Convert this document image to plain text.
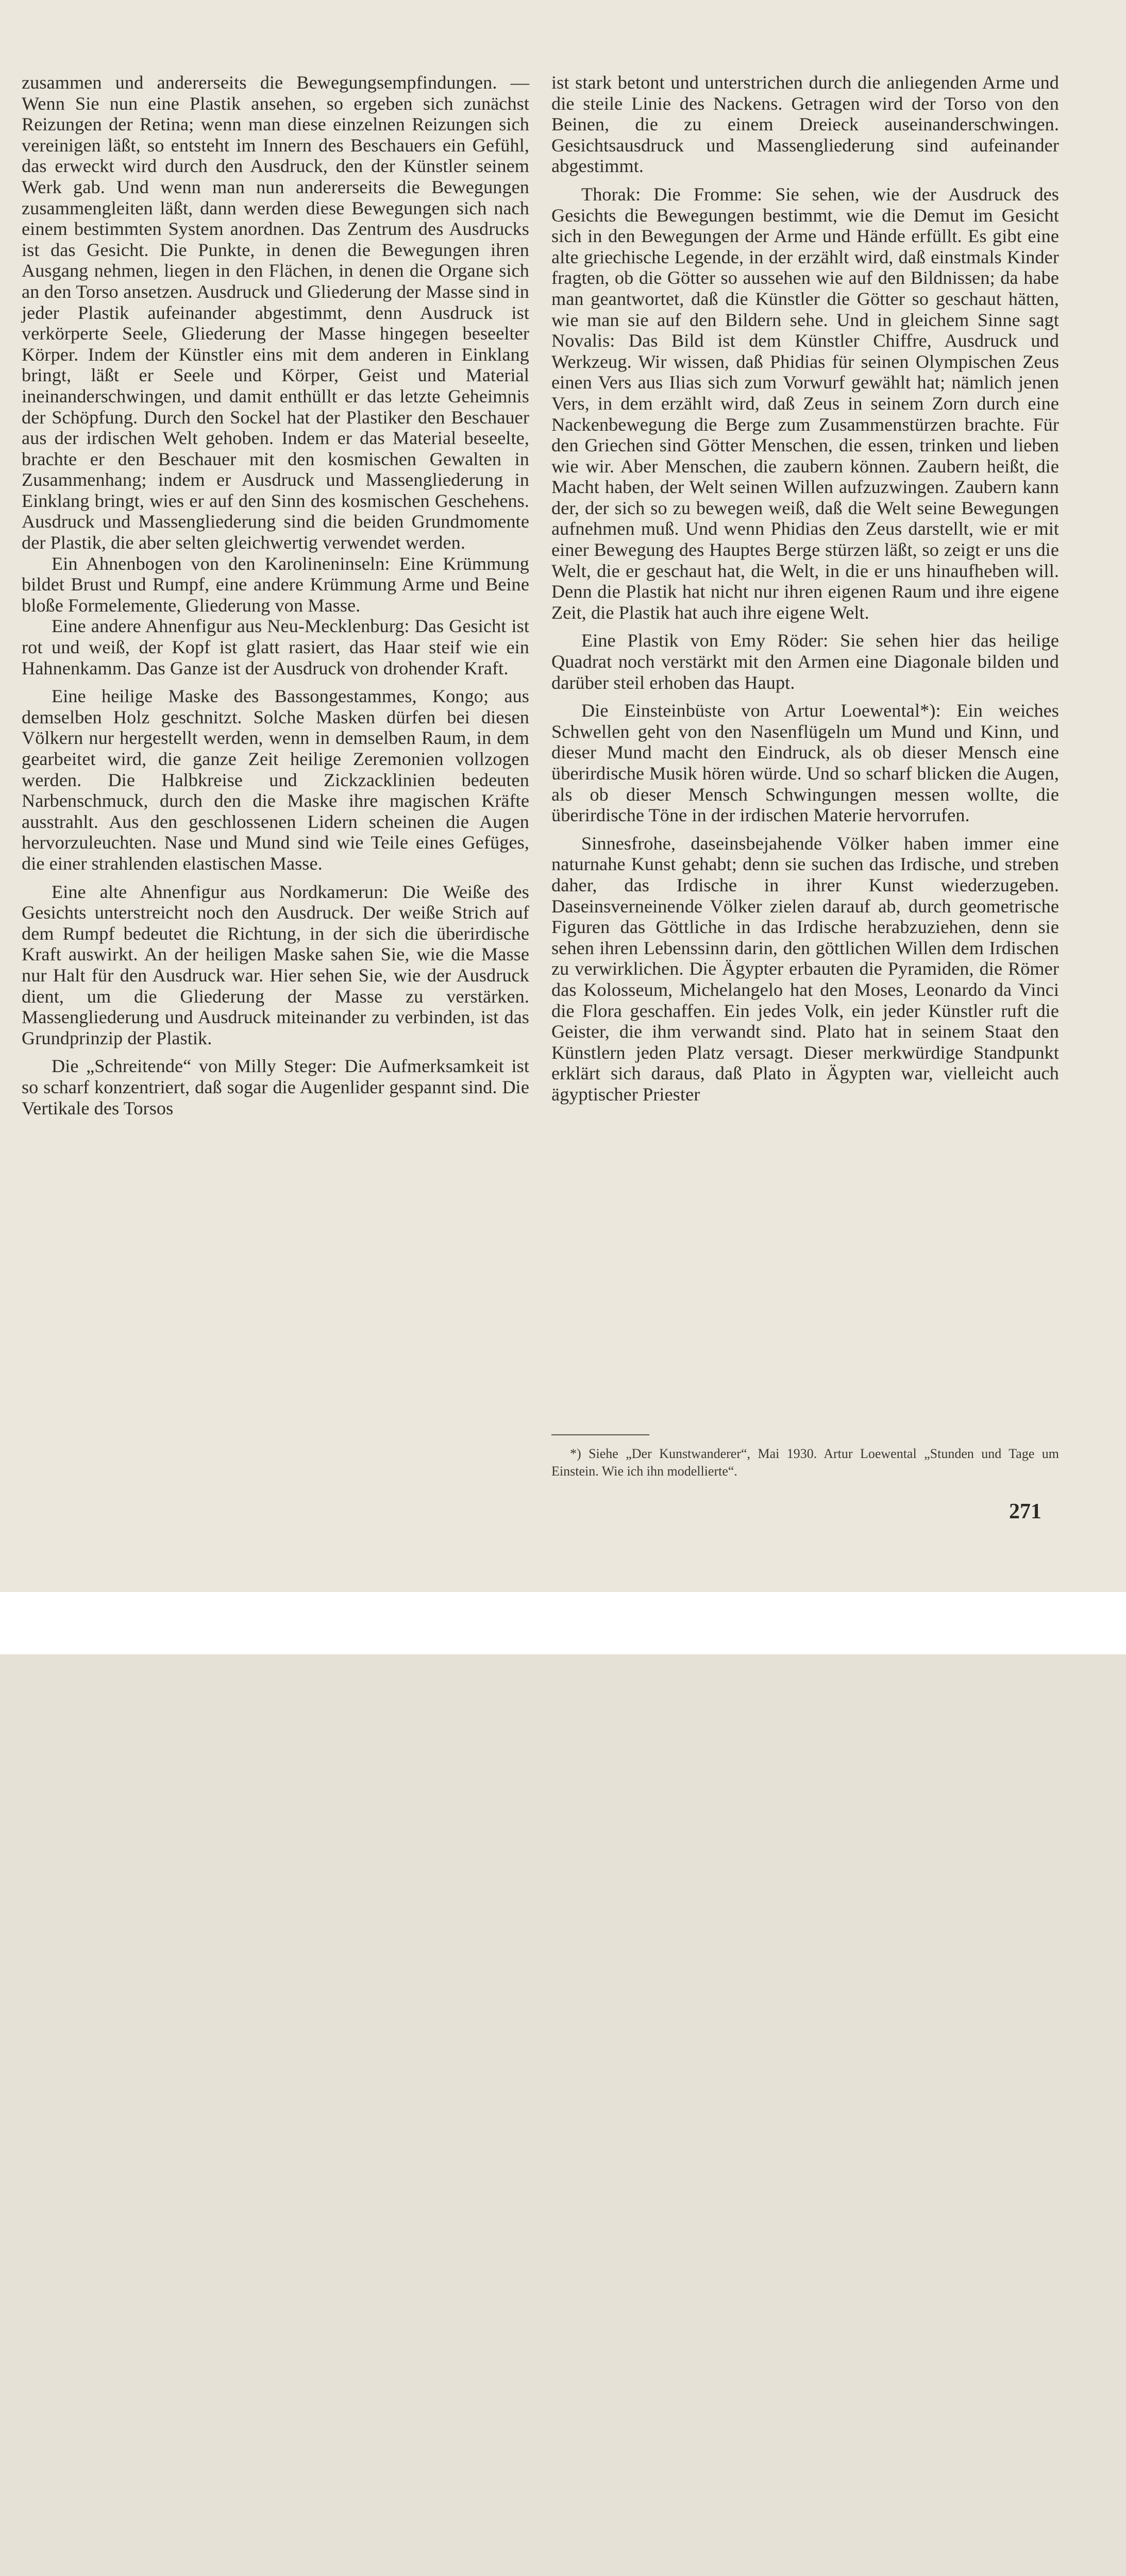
zusammen und andererseits die Bewegungsempfindungen. — Wenn Sie nun eine Plastik ansehen, so ergeben sich zunächst Reizungen der Retina; wenn man diese einzelnen Reizungen sich vereinigen läßt, so entsteht im Innern des Beschauers ein Gefühl, das erweckt wird durch den Ausdruck, den der Künstler seinem Werk gab. Und wenn man nun andererseits die Bewegungen zusammengleiten läßt, dann werden diese Bewegungen sich nach einem bestimmten System anordnen. Das Zentrum des Ausdrucks ist das Gesicht. Die Punkte, in denen die Bewegungen ihren Ausgang nehmen, liegen in den Flächen, in denen die Organe sich an den Torso ansetzen. Ausdruck und Gliederung der Masse sind in jeder Plastik aufeinander abgestimmt, denn Ausdruck ist verkörperte Seele, Gliederung der Masse hingegen beseelter Körper. Indem der Künstler eins mit dem anderen in Einklang bringt, läßt er Seele und Körper, Geist und Material ineinanderschwingen, und damit enthüllt er das letzte Geheimnis der Schöpfung. Durch den Sockel hat der Plastiker den Beschauer aus der irdischen Welt gehoben. Indem er das Material beseelte, brachte er den Beschauer mit den kosmischen Gewalten in Zusammenhang; indem er Ausdruck und Massengliederung in Einklang bringt, wies er auf den Sinn des kosmischen Geschehens. Ausdruck und Massengliederung sind die beiden Grundmomente der Plastik, die aber selten gleichwertig verwendet werden.

Ein Ahnenbogen von den Karolineninseln: Eine Krümmung bildet Brust und Rumpf, eine andere Krümmung Arme und Beine bloße Formelemente, Gliederung von Masse.

Eine andere Ahnenfigur aus Neu-Mecklenburg: Das Gesicht ist rot und weiß, der Kopf ist glatt rasiert, das Haar steif wie ein Hahnenkamm. Das Ganze ist der Ausdruck von drohender Kraft.

Eine heilige Maske des Bassongestammes, Kongo; aus demselben Holz geschnitzt. Solche Masken dürfen bei diesen Völkern nur hergestellt werden, wenn in demselben Raum, in dem gearbeitet wird, die ganze Zeit heilige Zeremonien vollzogen werden. Die Halbkreise und Zickzacklinien bedeuten Narbenschmuck, durch den die Maske ihre magischen Kräfte ausstrahlt. Aus den geschlossenen Lidern scheinen die Augen hervorzuleuchten. Nase und Mund sind wie Teile eines Gefüges, die einer strahlenden elastischen Masse.

Eine alte Ahnenfigur aus Nordkamerun: Die Weiße des Gesichts unterstreicht noch den Ausdruck. Der weiße Strich auf dem Rumpf bedeutet die Richtung, in der sich die überirdische Kraft auswirkt. An der heiligen Maske sahen Sie, wie die Masse nur Halt für den Ausdruck war. Hier sehen Sie, wie der Ausdruck dient, um die Gliederung der Masse zu verstärken. Massengliederung und Ausdruck miteinander zu verbinden, ist das Grundprinzip der Plastik.

Die „Schreitende“ von Milly Steger: Die Aufmerksamkeit ist so scharf konzentriert, daß sogar die Augenlider gespannt sind. Die Vertikale des Torsos

ist stark betont und unterstrichen durch die anliegenden Arme und die steile Linie des Nackens. Getragen wird der Torso von den Beinen, die zu einem Dreieck auseinanderschwingen. Gesichtsausdruck und Massengliederung sind aufeinander abgestimmt.

Thorak: Die Fromme: Sie sehen, wie der Ausdruck des Gesichts die Bewegungen bestimmt, wie die Demut im Gesicht sich in den Bewegungen der Arme und Hände erfüllt. Es gibt eine alte griechische Legende, in der erzählt wird, daß einstmals Kinder fragten, ob die Götter so aussehen wie auf den Bildnissen; da habe man geantwortet, daß die Künstler die Götter so geschaut hätten, wie man sie auf den Bildern sehe. Und in gleichem Sinne sagt Novalis: Das Bild ist dem Künstler Chiffre, Ausdruck und Werkzeug. Wir wissen, daß Phidias für seinen Olympischen Zeus einen Vers aus Ilias sich zum Vorwurf gewählt hat; nämlich jenen Vers, in dem erzählt wird, daß Zeus in seinem Zorn durch eine Nackenbewegung die Berge zum Zusammenstürzen brachte. Für den Griechen sind Götter Menschen, die essen, trinken und lieben wie wir. Aber Menschen, die zaubern können. Zaubern heißt, die Macht haben, der Welt seinen Willen aufzuzwingen. Zaubern kann der, der sich so zu bewegen weiß, daß die Welt seine Bewegungen aufnehmen muß. Und wenn Phidias den Zeus darstellt, wie er mit einer Bewegung des Hauptes Berge stürzen läßt, so zeigt er uns die Welt, die er geschaut hat, die Welt, in die er uns hinaufheben will. Denn die Plastik hat nicht nur ihren eigenen Raum und ihre eigene Zeit, die Plastik hat auch ihre eigene Welt.

Eine Plastik von Emy Röder: Sie sehen hier das heilige Quadrat noch verstärkt mit den Armen eine Diagonale bilden und darüber steil erhoben das Haupt.

Die Einsteinbüste von Artur Loewental*): Ein weiches Schwellen geht von den Nasenflügeln um Mund und Kinn, und dieser Mund macht den Eindruck, als ob dieser Mensch eine überirdische Musik hören würde. Und so scharf blicken die Augen, als ob dieser Mensch Schwingungen messen wollte, die überirdische Töne in der irdischen Materie hervorrufen.

Sinnesfrohe, daseinsbejahende Völker haben immer eine naturnahe Kunst gehabt; denn sie suchen das Irdische, und streben daher, das Irdische in ihrer Kunst wiederzugeben. Daseinsverneinende Völker zielen darauf ab, durch geometrische Figuren das Göttliche in das Irdische herabzuziehen, denn sie sehen ihren Lebenssinn darin, den göttlichen Willen dem Irdischen zu verwirklichen. Die Ägypter erbauten die Pyramiden, die Römer das Kolosseum, Michelangelo hat den Moses, Leonardo da Vinci die Flora geschaffen. Ein jedes Volk, ein jeder Künstler ruft die Geister, die ihm verwandt sind. Plato hat in seinem Staat den Künstlern jeden Platz versagt. Dieser merkwürdige Standpunkt erklärt sich daraus, daß Plato in Ägypten war, vielleicht auch ägyptischer Priester

*) Siehe „Der Kunstwanderer“, Mai 1930. Artur Loewental „Stunden und Tage um Einstein. Wie ich ihn modellierte“.
271
